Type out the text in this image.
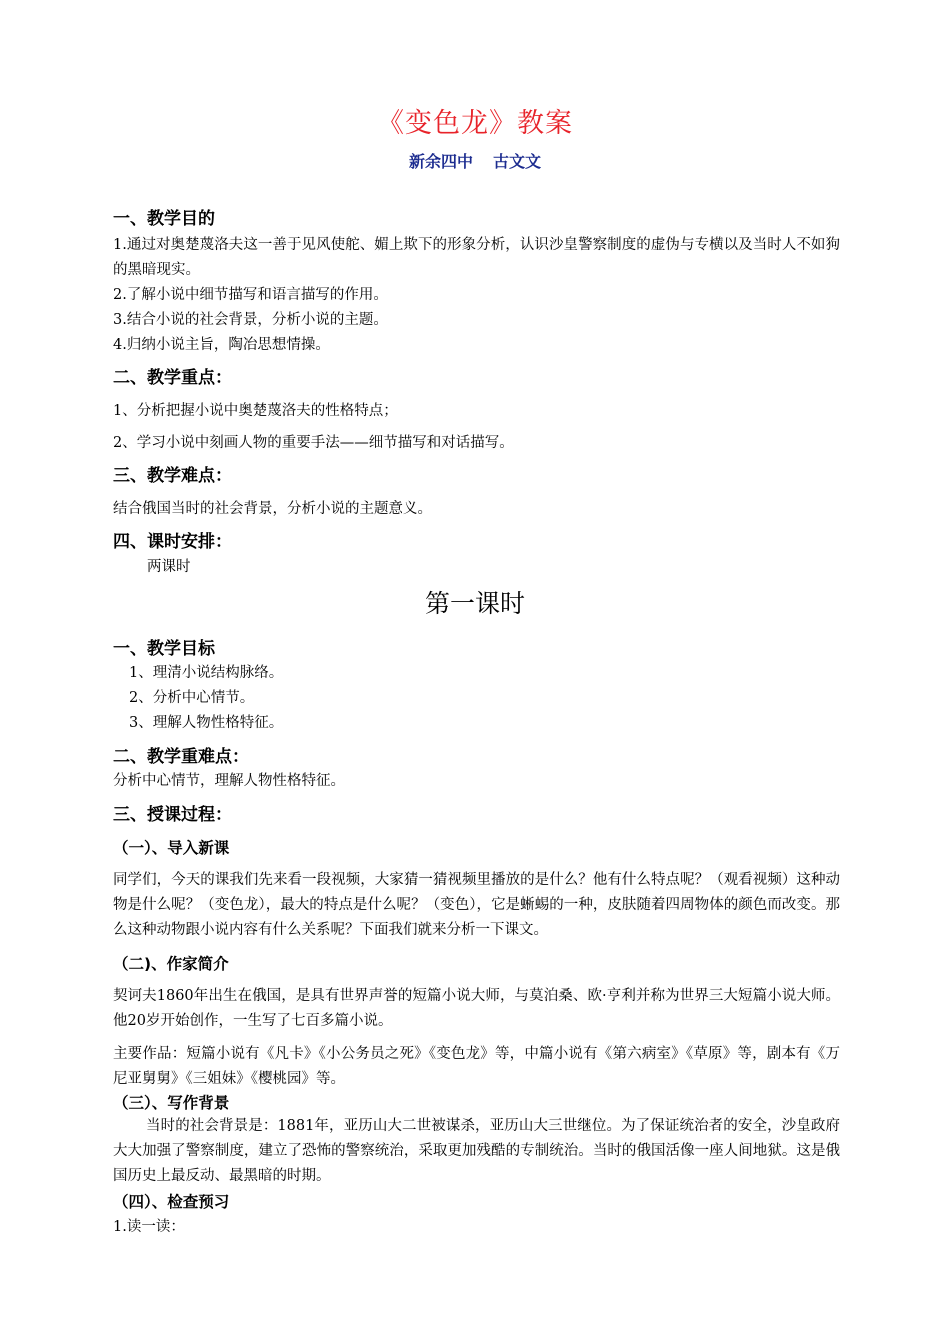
《变色龙》教案
新余四中 古文文
一、教学目的
1.通过对奥楚蔑洛夫这一善于见风使舵、媚上欺下的形象分析，认识沙皇警察制度的虚伪与专横以及当时人不如狗的黑暗现实。
2.了解小说中细节描写和语言描写的作用。
3.结合小说的社会背景，分析小说的主题。
4.归纳小说主旨，陶冶思想情操。
二、教学重点：
1、分析把握小说中奥楚蔑洛夫的性格特点；
2、学习小说中刻画人物的重要手法——细节描写和对话描写。
三、教学难点：
结合俄国当时的社会背景，分析小说的主题意义。
四、课时安排：
两课时
第一课时
一、教学目标
1、理清小说结构脉络。
2、分析中心情节。
3、理解人物性格特征。
二、教学重难点：
分析中心情节，理解人物性格特征。
三、授课过程：
（一）、导入新课
同学们，今天的课我们先来看一段视频，大家猜一猜视频里播放的是什么？他有什么特点呢？（观看视频）这种动物是什么呢？（变色龙），最大的特点是什么呢？（变色），它是蜥蜴的一种，皮肤随着四周物体的颜色而改变。那么这种动物跟小说内容有什么关系呢？下面我们就来分析一下课文。
（二)、作家简介
契诃夫1860年出生在俄国，是具有世界声誉的短篇小说大师，与莫泊桑、欧·亨利并称为世界三大短篇小说大师。他20岁开始创作，一生写了七百多篇小说。
主要作品：短篇小说有《凡卡》《小公务员之死》《变色龙》等，中篇小说有《第六病室》《草原》等，剧本有《万尼亚舅舅》《三姐妹》《樱桃园》等。
（三）、写作背景
当时的社会背景是：1881年，亚历山大二世被谋杀，亚历山大三世继位。为了保证统治者的安全，沙皇政府大大加强了警察制度，建立了恐怖的警察统治，采取更加残酷的专制统治。当时的俄国活像一座人间地狱。这是俄国历史上最反动、最黑暗的时期。
（四）、检查预习
1.读一读：
